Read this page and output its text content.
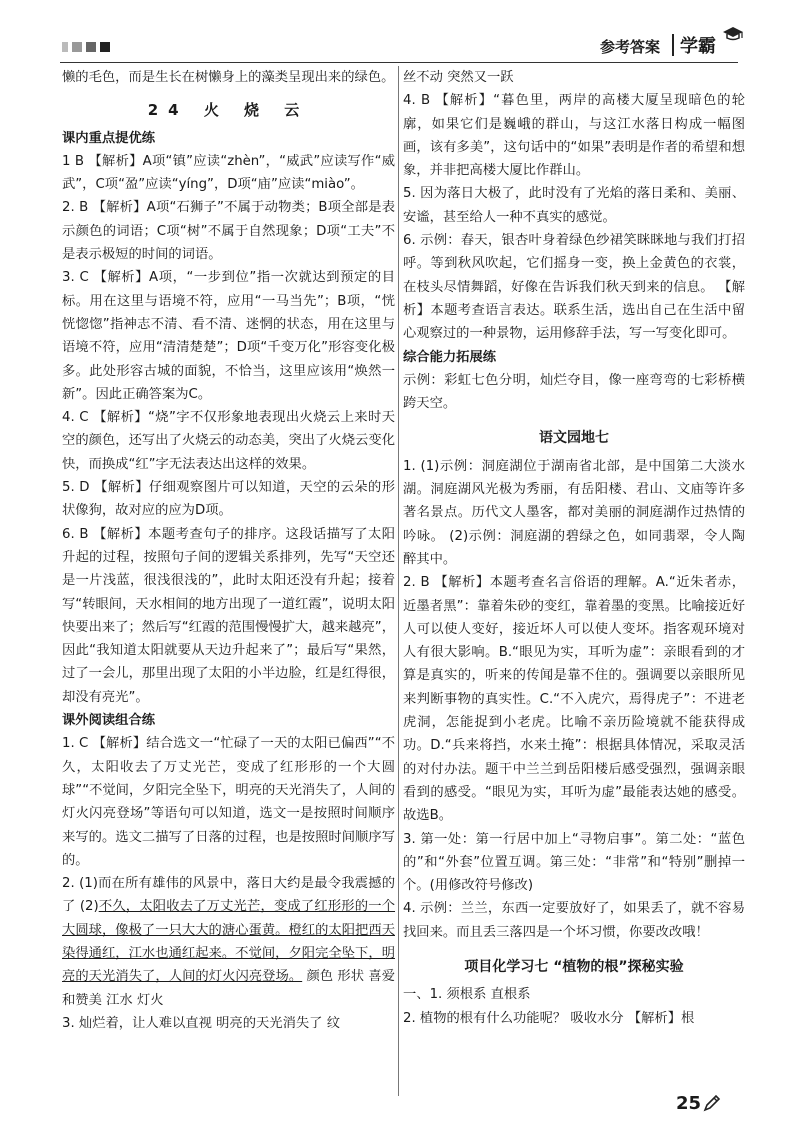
参考答案 学霸

懒的毛色，而是生长在树懒身上的藻类呈现出来的绿色。

24 火 烧 云

课内重点提优练

1 B 【解析】A项“镇”应读“zhèn”，“威武”应读写作“威武”，C项“盈”应读“yíng”，D项“庙”应读“miào”。

2. B 【解析】A项“石狮子”不属于动物类；B项全部是表示颜色的词语；C项“树”不属于自然现象；D项“工夫”不是表示极短的时间的词语。

3. C 【解析】A项，“一步到位”指一次就达到预定的目标。用在这里与语境不符，应用“一马当先”；B项，“恍恍惚惚”指神志不清、看不清、迷惘的状态，用在这里与语境不符，应用“清清楚楚”；D项“千变万化”形容变化极多。此处形容古城的面貌，不恰当，这里应该用“焕然一新”。因此正确答案为C。

4. C 【解析】“烧”字不仅形象地表现出火烧云上来时天空的颜色，还写出了火烧云的动态美，突出了火烧云变化快，而换成“红”字无法表达出这样的效果。

5. D 【解析】仔细观察图片可以知道，天空的云朵的形状像狗，故对应的应为D项。

6. B 【解析】本题考查句子的排序。这段话描写了太阳升起的过程，按照句子间的逻辑关系排列，先写“天空还是一片浅蓝，很浅很浅的”，此时太阳还没有升起；接着写“转眼间，天水相间的地方出现了一道红霞”，说明太阳快要出来了；然后写“红霞的范围慢慢扩大，越来越亮”，因此“我知道太阳就要从天边升起来了”；最后写“果然，过了一会儿，那里出现了太阳的小半边脸，红是红得很，却没有亮光”。

课外阅读组合练

1. C 【解析】结合选文一“忙碌了一天的太阳已偏西”“不久，太阳收去了万丈光芒，变成了红形形的一个大圆球”“不觉间，夕阳完全坠下，明亮的天光消失了，人间的灯火闪亮登场”等语句可以知道，选文一是按照时间顺序来写的。选文二描写了日落的过程，也是按照时间顺序写的。

2. (1)而在所有雄伟的风景中，落日大约是最令我震撼的了 (2)不久，太阳收去了万丈光芒，变成了红形形的一个大圆球，像极了一只大大的溏心蛋黄。橙红的太阳把西天染得通红，江水也通红起来。不觉间，夕阳完全坠下，明亮的天光消失了，人间的灯火闪亮登场。 颜色 形状 喜爱和赞美 江水 灯火

3. 灿烂着，让人难以直视 明亮的天光消失了 纹

丝不动 突然又一跃

4. B 【解析】“暮色里，两岸的高楼大厦呈现暗色的轮廓，如果它们是巍峨的群山，与这江水落日构成一幅图画，该有多美”，这句话中的“如果”表明是作者的希望和想象，并非把高楼大厦比作群山。

5. 因为落日大极了，此时没有了光焰的落日柔和、美丽、安谧，甚至给人一种不真实的感觉。

6. 示例：春天，银杏叶身着绿色纱裙笑眯眯地与我们打招呼。等到秋风吹起，它们摇身一变，换上金黄色的衣裳，在枝头尽情舞蹈，好像在告诉我们秋天到来的信息。 【解析】本题考查语言表达。联系生活，选出自己在生活中留心观察过的一种景物，运用修辞手法，写一写变化即可。

综合能力拓展练

示例：彩虹七色分明，灿烂夺目，像一座弯弯的七彩桥横跨天空。

语文园地七

1. (1)示例：洞庭湖位于湖南省北部，是中国第二大淡水湖。洞庭湖风光极为秀丽，有岳阳楼、君山、文庙等许多著名景点。历代文人墨客，都对美丽的洞庭湖作过热情的吟咏。 (2)示例：洞庭湖的碧绿之色，如同翡翠，令人陶醉其中。

2. B 【解析】本题考查名言俗语的理解。A.“近朱者赤，近墨者黑”：靠着朱砂的变红，靠着墨的变黑。比喻接近好人可以使人变好，接近坏人可以使人变坏。指客观环境对人有很大影响。B.“眼见为实，耳听为虚”：亲眼看到的才算是真实的，听来的传闻是靠不住的。强调要以亲眼所见来判断事物的真实性。C.“不入虎穴，焉得虎子”：不进老虎洞，怎能捉到小老虎。比喻不亲历险境就不能获得成功。D.“兵来将挡，水来土掩”：根据具体情况，采取灵活的对付办法。题干中兰兰到岳阳楼后感受强烈，强调亲眼看到的感受。“眼见为实，耳听为虚”最能表达她的感受。故选B。

3. 第一处：第一行居中加上“寻物启事”。第二处：“蓝色的”和“外套”位置互调。第三处：“非常”和“特别”删掉一个。(用修改符号修改)

4. 示例：兰兰，东西一定要放好了，如果丢了，就不容易找回来。而且丢三落四是一个坏习惯，你要改改哦！

项目化学习七 “植物的根”探秘实验

一、1. 须根系 直根系

2. 植物的根有什么功能呢？ 吸收水分 【解析】根

25
